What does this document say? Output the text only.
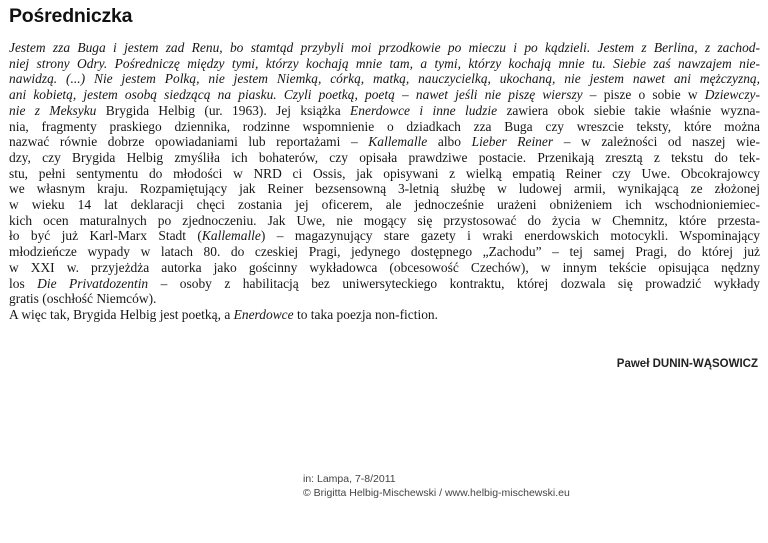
Pośredniczka
Jestem zza Buga i jestem zad Renu, bo stamtąd przybyli moi przodkowie po mieczu i po kądzieli. Jestem z Berlina, z zachod-
niej strony Odry. Pośredniczę między tymi, którzy kochają mnie tam, a tymi, którzy kochają mnie tu. Siebie zaś nawzajem nie-
nawidzą. (...) Nie jestem Polką, nie jestem Niemką, córką, matką, nauczycielką, ukochaną, nie jestem nawet ani mężczyzną,
ani kobietą, jestem osobą siedzącą na piasku. Czyli poetką, poetą – nawet jeśli nie piszę wierszy – pisze o sobie w Dziewczy-
nie z Meksyku Brygida Helbig (ur. 1963). Jej książka Enerdowce i inne ludzie zawiera obok siebie takie właśnie wyzna-
nia, fragmenty praskiego dziennika, rodzinne wspomnienie o dziadkach zza Buga czy wreszcie teksty, które można
nazwać równie dobrze opowiadaniami lub reportażami – Kallemalle albo Lieber Reiner – w zależności od naszej wie-
dzy, czy Brygida Helbig zmyśliła ich bohaterów, czy opisała prawdziwe postacie. Przenikają zresztą z tekstu do tek-
stu, pełni sentymentu do młodości w NRD ci Ossis, jak opisywani z wielką empatią Reiner czy Uwe. Obcokrajowcy
we własnym kraju. Rozpamiętujący jak Reiner bezsensowną 3-letnią służbę w ludowej armii, wynikającą ze złożonej
w wieku 14 lat deklaracji chęci zostania jej oficerem, ale jednocześnie urażeni obniżeniem ich wschodnioniemiec-
kich ocen maturalnych po zjednoczeniu. Jak Uwe, nie mogący się przystosować do życia w Chemnitz, które przesta-
ło być już Karl-Marx Stadt (Kallemalle) – magazynujący stare gazety i wraki enerdowskich motocykli. Wspominający
młodzieńcze wypady w latach 80. do czeskiej Pragi, jedynego dostępnego „Zachodu” – tej samej Pragi, do której już
w XXI w. przyjeżdża autorka jako gościnny wykładowca (obcesowość Czechów), w innym tekście opisująca nędzny
los Die Privatdozentin – osoby z habilitacją bez uniwersyteckiego kontraktu, której dozwala się prowadzić wykłady
gratis (oschłość Niemców).
A więc tak, Brygida Helbig jest poetką, a Enerdowce to taka poezja non-fiction.
Paweł DUNIN-WĄSOWICZ
in: Lampa, 7-8/2011
© Brigitta Helbig-Mischewski / www.helbig-mischewski.eu
